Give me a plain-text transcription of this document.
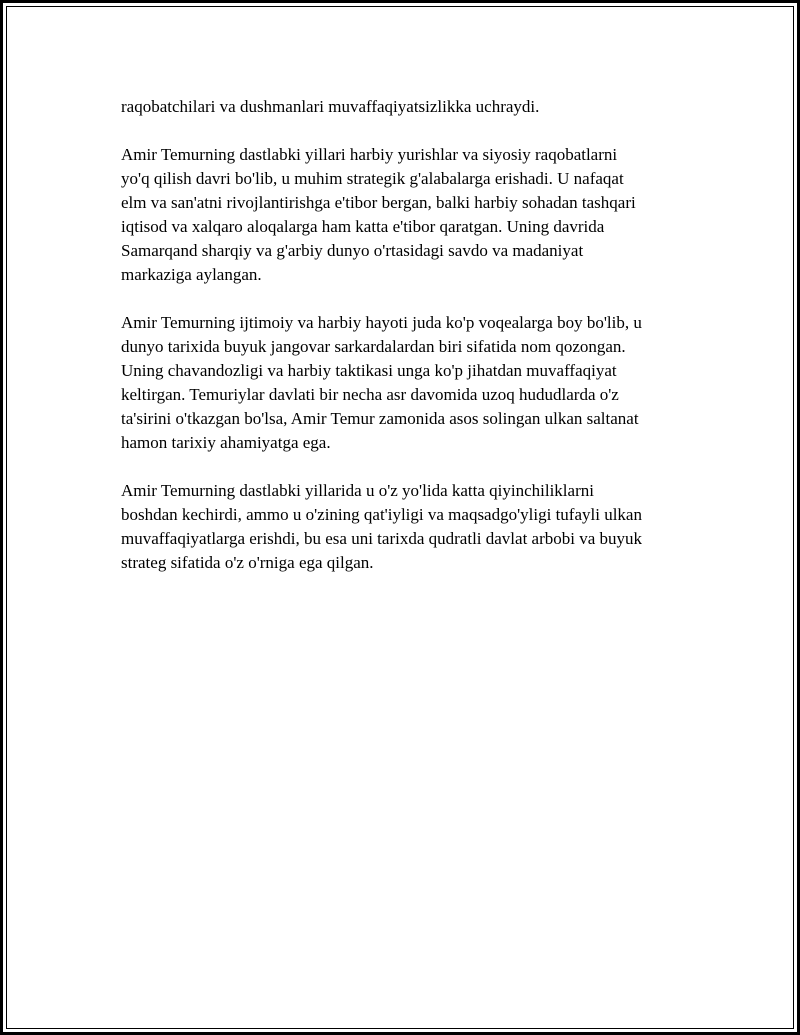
raqobatchilari va dushmanlari muvaffaqiyatsizlikka uchraydi.

Amir Temurning dastlabki yillari harbiy yurishlar va siyosiy raqobatlarni
yo'q qilish davri bo'lib, u muhim strategik g'alabalarga erishadi. U nafaqat
elm va san'atni rivojlantirishga e'tibor bergan, balki harbiy sohadan tashqari
iqtisod va xalqaro aloqalarga ham katta e'tibor qaratgan. Uning davrida
Samarqand sharqiy va g'arbiy dunyo o'rtasidagi savdo va madaniyat
markaziga aylangan.

Amir Temurning ijtimoiy va harbiy hayoti juda ko'p voqealarga boy bo'lib, u
dunyo tarixida buyuk jangovar sarkardalardan biri sifatida nom qozongan.
Uning chavandozligi va harbiy taktikasi unga ko'p jihatdan muvaffaqiyat
keltirgan. Temuriylar davlati bir necha asr davomida uzoq hududlarda o'z
ta'sirini o'tkazgan bo'lsa, Amir Temur zamonida asos solingan ulkan saltanat
hamon tarixiy ahamiyatga ega.

Amir Temurning dastlabki yillarida u o'z yo'lida katta qiyinchiliklarni
boshdan kechirdi, ammo u o'zining qat'iyligi va maqsadgo'yligi tufayli ulkan
muvaffaqiyatlarga erishdi, bu esa uni tarixda qudratli davlat arbobi va buyuk
strateg sifatida o'z o'rniga ega qilgan.
